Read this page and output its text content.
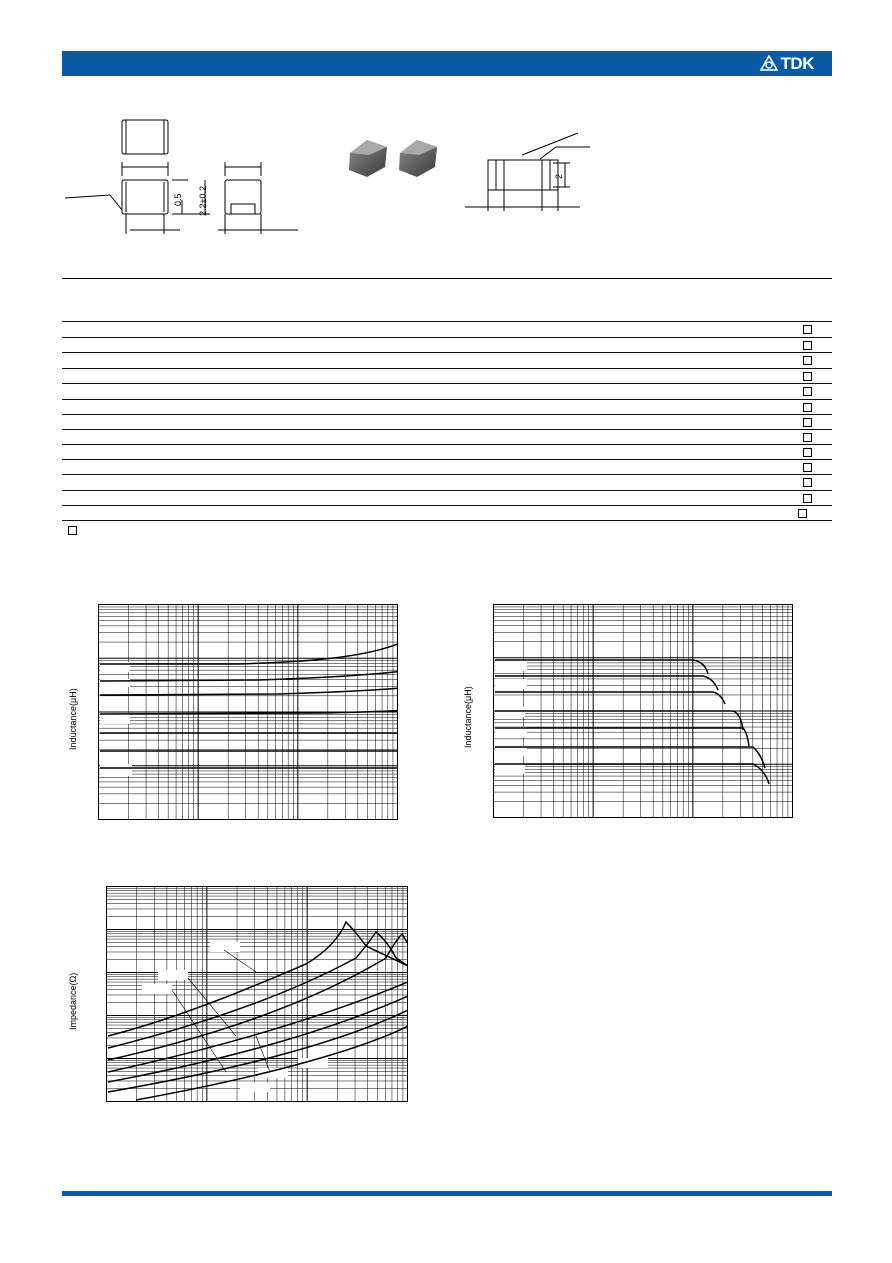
TDK
0.5 2.2±0.2
2
Inductance(μH)	Inductance(μH)
Impedance(Ω)
